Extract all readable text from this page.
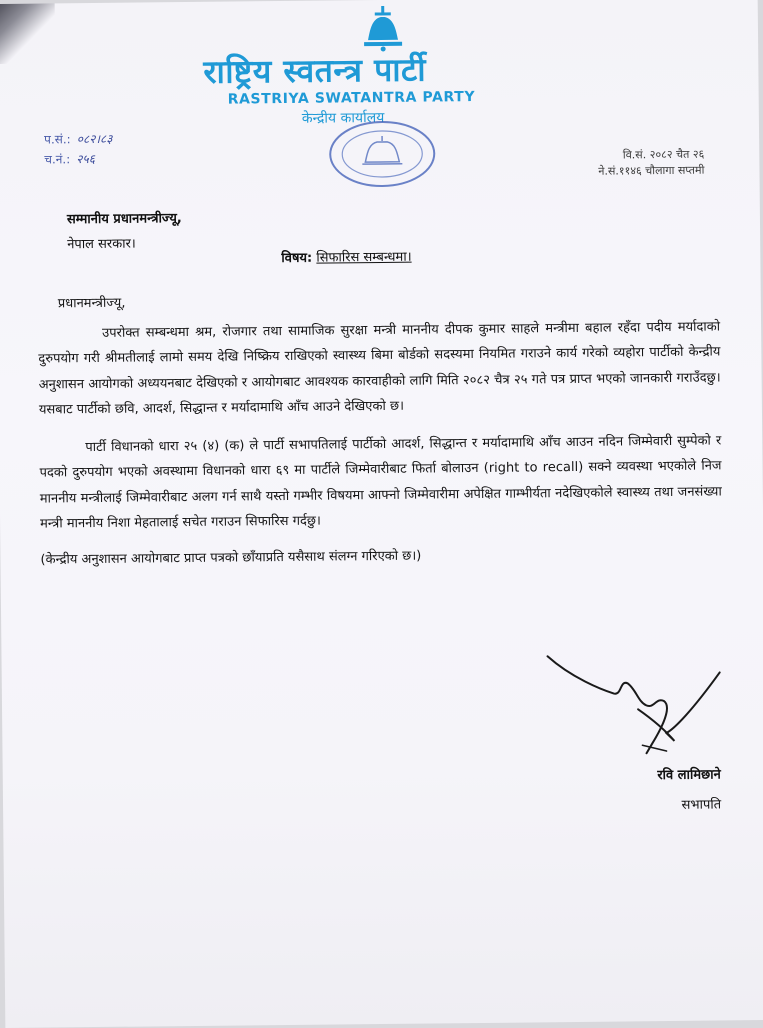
राष्ट्रिय स्वतन्त्र पार्टी
RASTRIYA SWATANTRA PARTY
केन्द्रीय कार्यालय
प.सं.: ०८२।८३
च.नं.: २५६	वि.सं. २०८२ चैत २६
ने.सं.११४६ चौलागा सप्तमी
सम्मानीय प्रधानमन्त्रीज्यू,
नेपाल सरकार।
विषय: सिफारिस सम्बन्धमा।
प्रधानमन्त्रीज्यू,

उपरोक्त सम्बन्धमा श्रम, रोजगार तथा सामाजिक सुरक्षा मन्त्री माननीय दीपक कुमार साहले मन्त्रीमा बहाल रहँदा पदीय मर्यादाको दुरुपयोग गरी श्रीमतीलाई लामो समय देखि निष्क्रिय राखिएको स्वास्थ्य बिमा बोर्डको सदस्यमा नियमित गराउने कार्य गरेको व्यहोरा पार्टीको केन्द्रीय अनुशासन आयोगको अध्ययनबाट देखिएको र आयोगबाट आवश्यक कारवाहीको लागि मिति २०८२ चैत्र २५ गते पत्र प्राप्त भएको जानकारी गराउँदछु। यसबाट पार्टीको छवि, आदर्श, सिद्धान्त र मर्यादामाथि आँच आउने देखिएको छ।

पार्टी विधानको धारा २५ (४) (क) ले पार्टी सभापतिलाई पार्टीको आदर्श, सिद्धान्त र मर्यादामाथि आँच आउन नदिन जिम्मेवारी सुम्पेको र पदको दुरुपयोग भएको अवस्थामा विधानको धारा ६९ मा पार्टीले जिम्मेवारीबाट फिर्ता बोलाउन (right to recall) सक्ने व्यवस्था भएकोले निज माननीय मन्त्रीलाई जिम्मेवारीबाट अलग गर्न साथै यस्तो गम्भीर विषयमा आफ्नो जिम्मेवारीमा अपेक्षित गाम्भीर्यता नदेखिएकोले स्वास्थ्य तथा जनसंख्या मन्त्री माननीय निशा मेहतालाई सचेत गराउन सिफारिस गर्दछु।

(केन्द्रीय अनुशासन आयोगबाट प्राप्त पत्रको छाँयाप्रति यसैसाथ संलग्न गरिएको छ।)
रवि लामिछाने
सभापति
